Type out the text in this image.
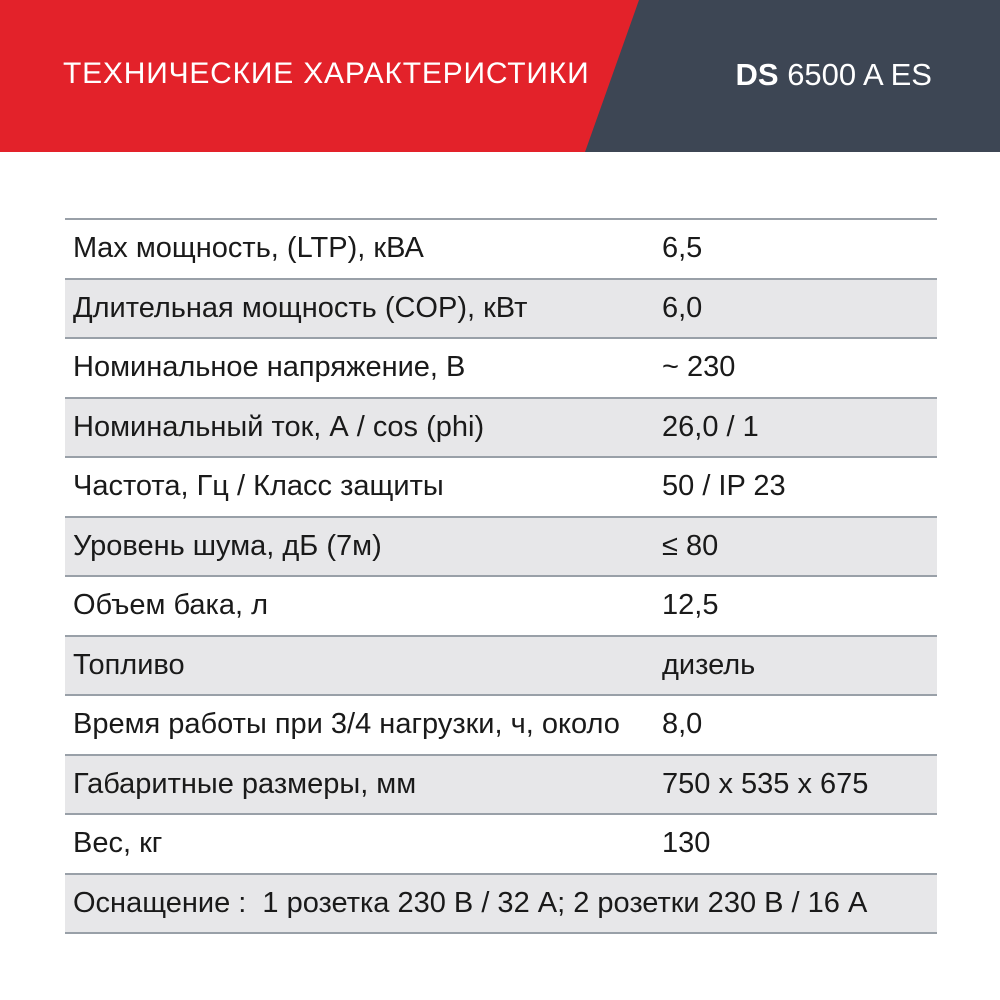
ТЕХНИЧЕСКИЕ ХАРАКТЕРИСТИКИ	DS 6500 A ES
Max мощность, (LTP), кВА	6,5
Длительная мощность (COP), кВт	6,0
Номинальное напряжение, В	~ 230
Номинальный ток, А / cos (phi)	26,0 / 1
Частота, Гц / Класс защиты	50 / IP 23
Уровень шума, дБ (7м)	≤ 80
Объем бака, л	12,5
Топливо	дизель
Время работы при 3/4 нагрузки, ч, около 8,0
Габаритные размеры, мм	750 x 535 x 675
Вес, кг	130
Оснащение :  1 розетка 230 В / 32 А; 2 розетки 230 В / 16 А
